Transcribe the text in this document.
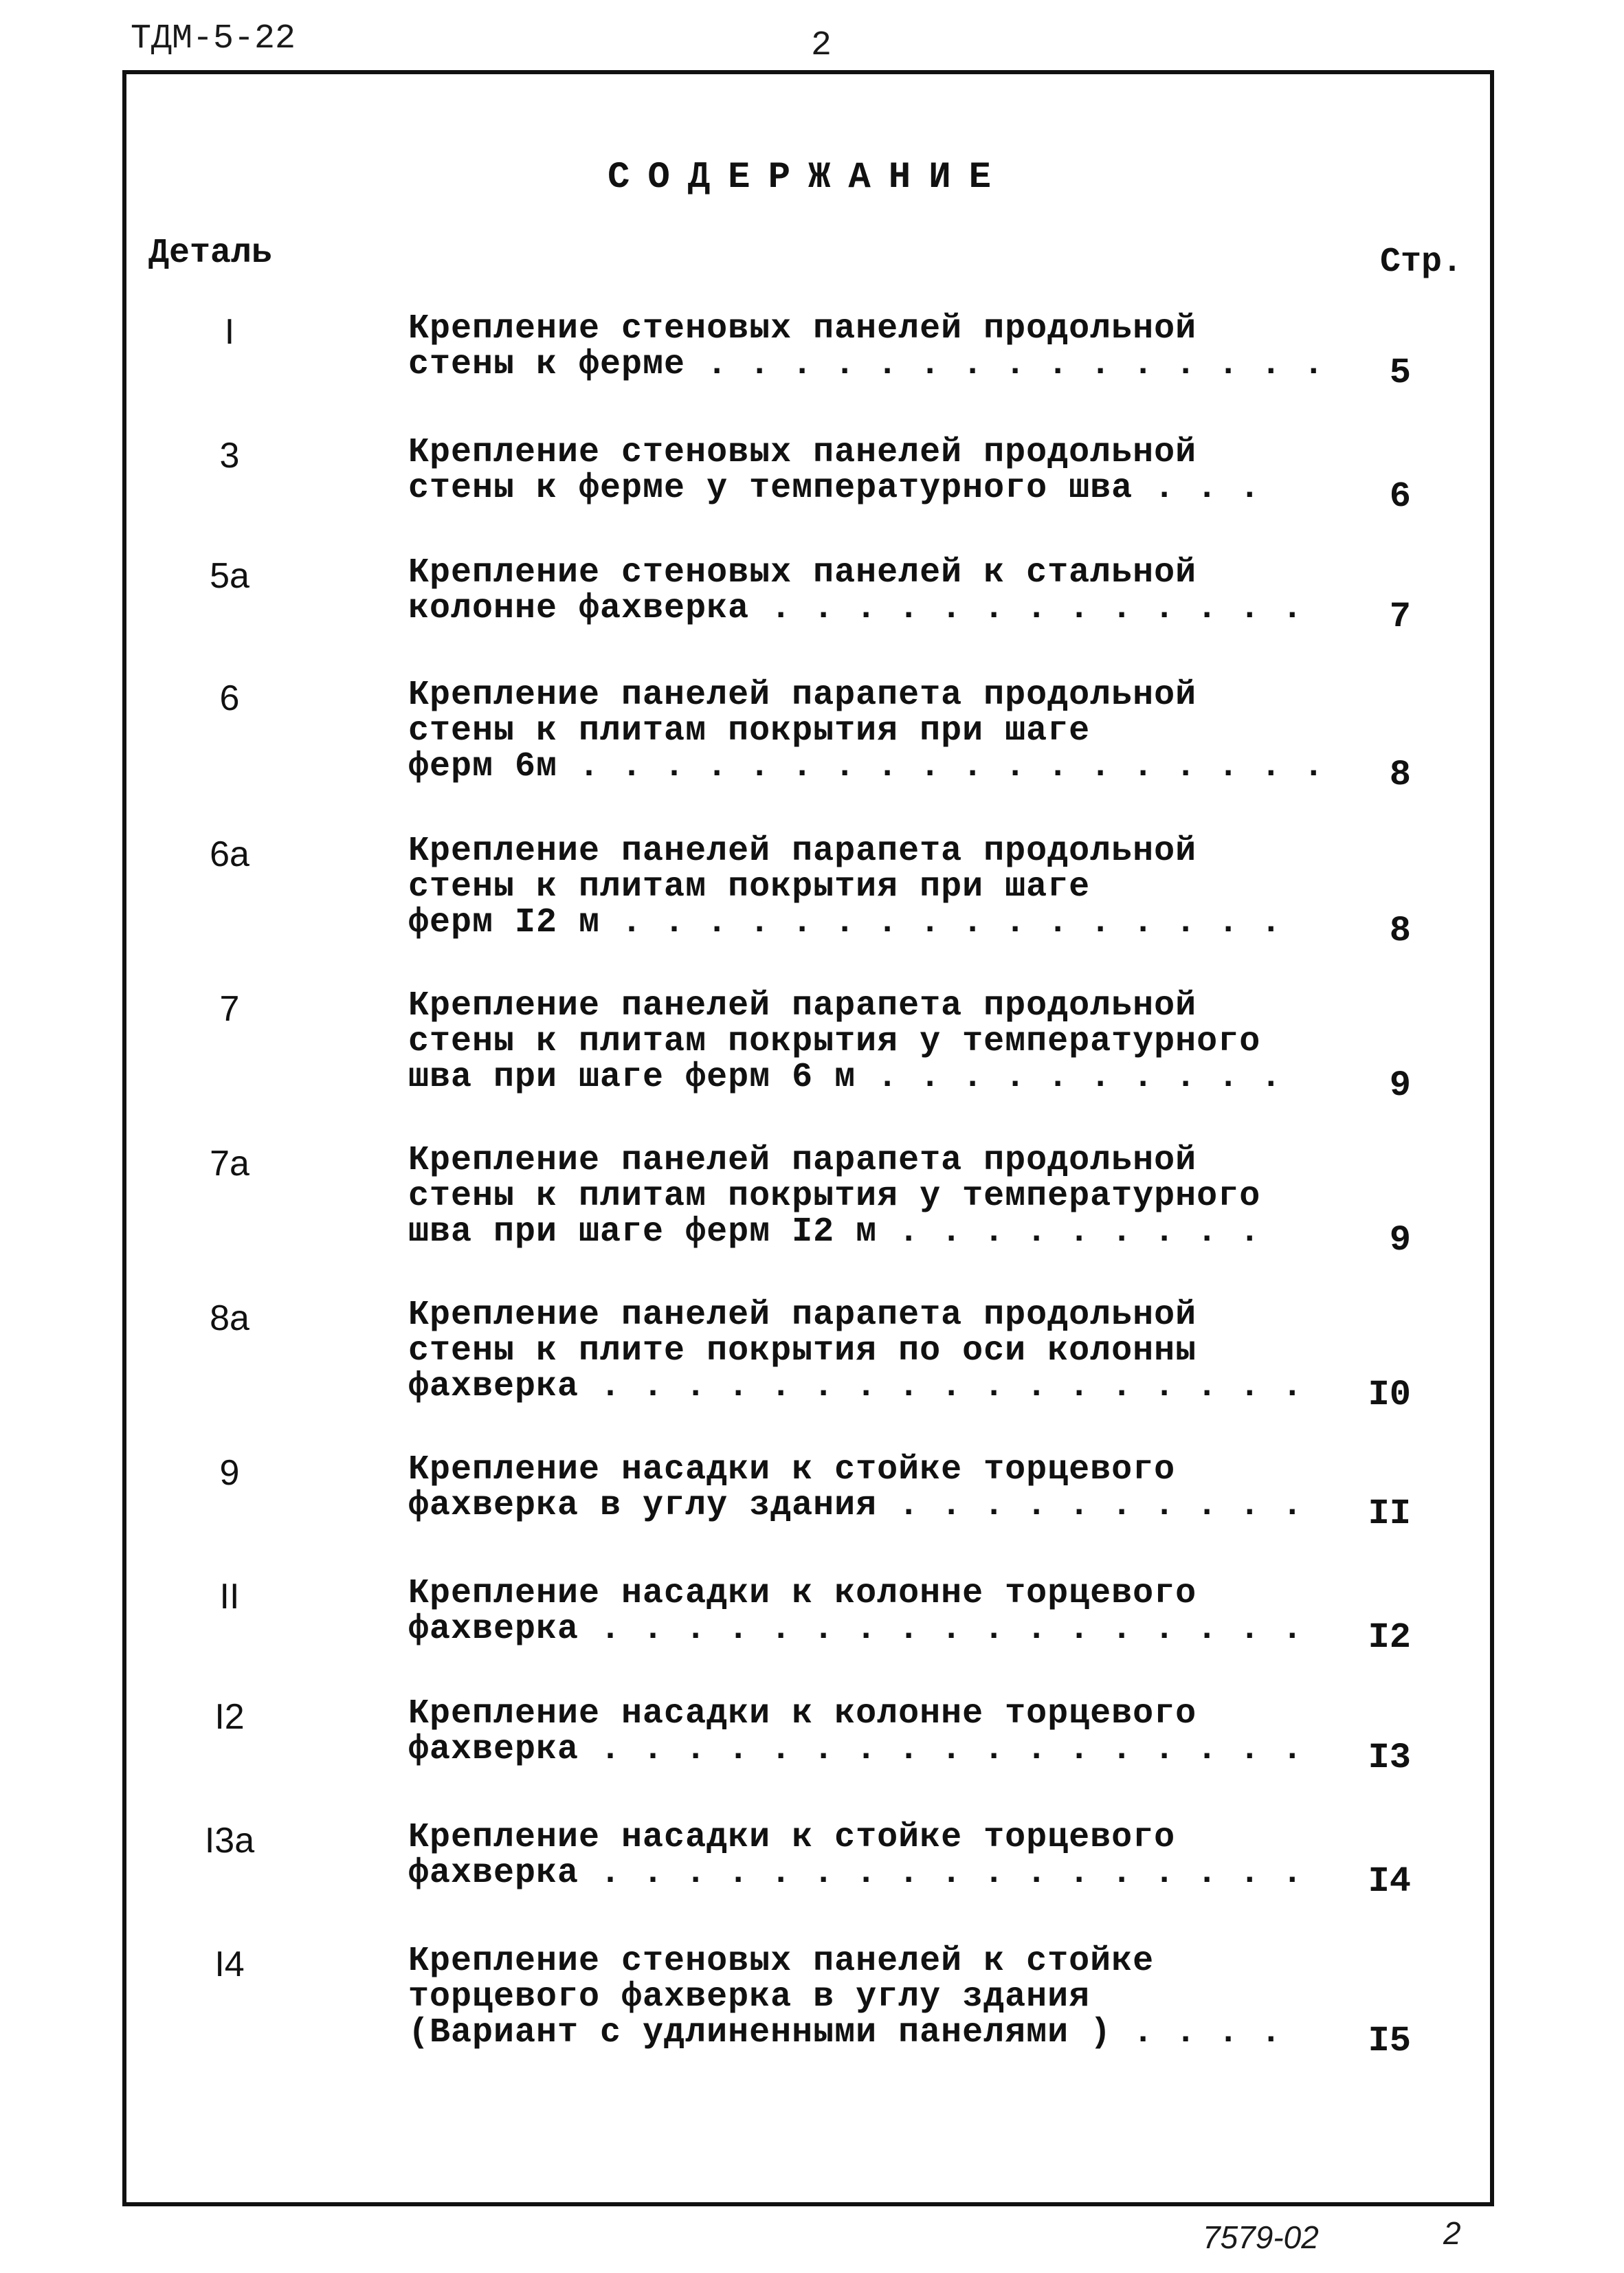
ТДМ-5-22	2
СОДЕРЖАНИЕ
Деталь	Стр.
I	Крепление стеновых панелей продольной
стены к ферме . . . . . . . . . . . . . . .	5
3	Крепление стеновых панелей продольной
стены к ферме у температурного шва . . .	6
5а	Крепление стеновых панелей к стальной
колонне фахверка . . . . . . . . . . . . .	7
6	Крепление панелей парапета продольной
стены к плитам покрытия при шаге
ферм 6м . . . . . . . . . . . . . . . . . .	8
6а	Крепление панелей парапета продольной
стены к плитам покрытия при шаге
ферм I2 м . . . . . . . . . . . . . . . .	8
7	Крепление панелей парапета продольной
стены к плитам покрытия у температурного
шва при шаге ферм 6 м . . . . . . . . . .	9
7а	Крепление панелей парапета продольной
стены к плитам покрытия у температурного
шва при шаге ферм I2 м . . . . . . . . .	9
8а	Крепление панелей парапета продольной
стены к плите покрытия по оси колонны
фахверка . . . . . . . . . . . . . . . . .	I0
9	Крепление насадки к стойке торцевого
фахверка в углу здания . . . . . . . . . .	II
II	Крепление насадки к колонне торцевого
фахверка . . . . . . . . . . . . . . . . .	I2
I2	Крепление насадки к колонне торцевого
фахверка . . . . . . . . . . . . . . . . .	I3
I3а	Крепление насадки к стойке торцевого
фахверка . . . . . . . . . . . . . . . . .	I4
I4	Крепление стеновых панелей к стойке
торцевого фахверка в углу здания
(Вариант с удлиненными панелями ) . . . .	I5
7579-02	2
